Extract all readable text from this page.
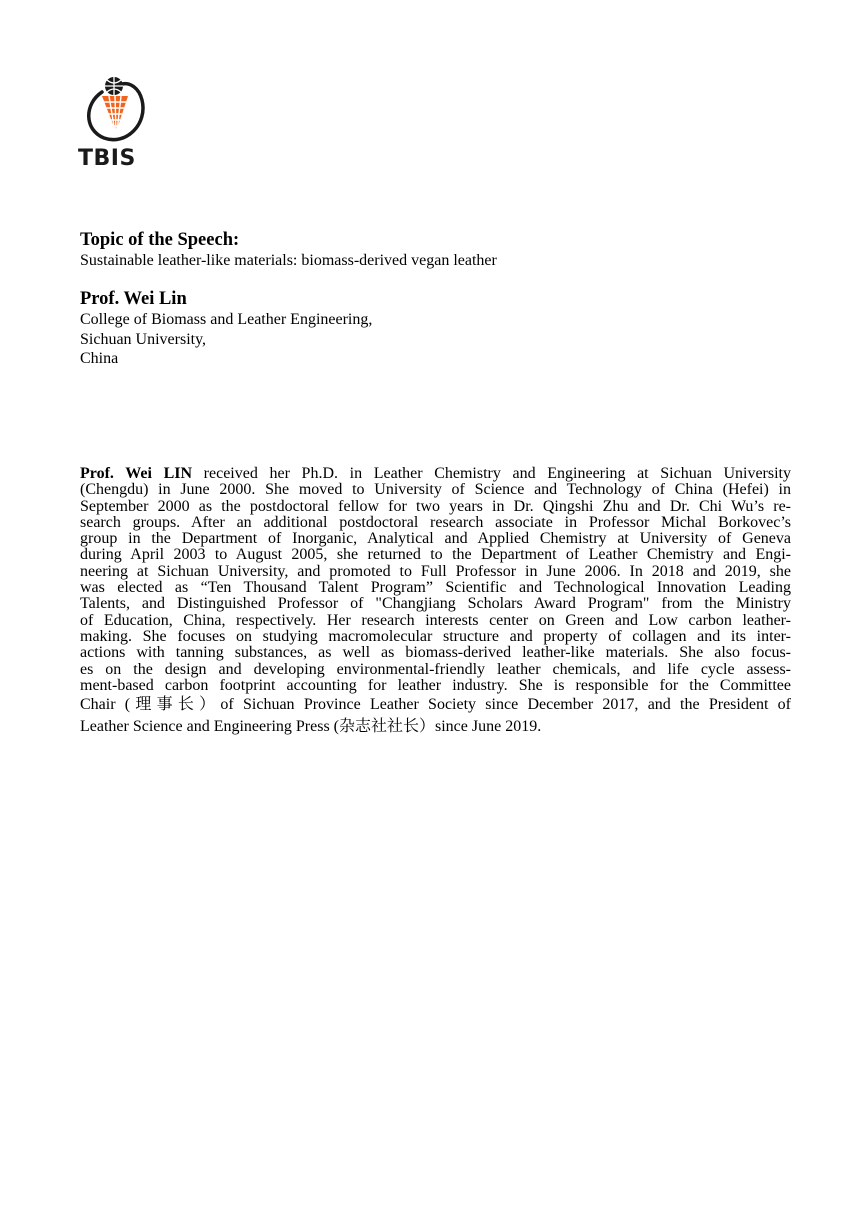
TBIS
Topic of the Speech:
Sustainable leather-like materials: biomass-derived vegan leather
Prof. Wei Lin
College of Biomass and Leather Engineering,
Sichuan University,
China
Prof. Wei LIN received her Ph.D. in Leather Chemistry and Engineering at Sichuan University
(Chengdu) in June 2000. She moved to University of Science and Technology of China (Hefei) in
September 2000 as the postdoctoral fellow for two years in Dr. Qingshi Zhu and Dr. Chi Wu’s re-
search groups. After an additional postdoctoral research associate in Professor Michal Borkovec’s
group in the Department of Inorganic, Analytical and Applied Chemistry at University of Geneva
during April 2003 to August 2005, she returned to the Department of Leather Chemistry and Engi-
neering at Sichuan University, and promoted to Full Professor in June 2006. In 2018 and 2019, she
was elected as “Ten Thousand Talent Program” Scientific and Technological Innovation Leading
Talents, and Distinguished Professor of "Changjiang Scholars Award Program" from the Ministry
of Education, China, respectively. Her research interests center on Green and Low carbon leather-
making. She focuses on studying macromolecular structure and property of collagen and its inter-
actions with tanning substances, as well as biomass-derived leather-like materials. She also focus-
es on the design and developing environmental-friendly leather chemicals, and life cycle assess-
ment-based carbon footprint accounting for leather industry. She is responsible for the Committee
Chair (理事长）of Sichuan Province Leather Society since December 2017, and the President of
Leather Science and Engineering Press (杂志社社长）since June 2019.
